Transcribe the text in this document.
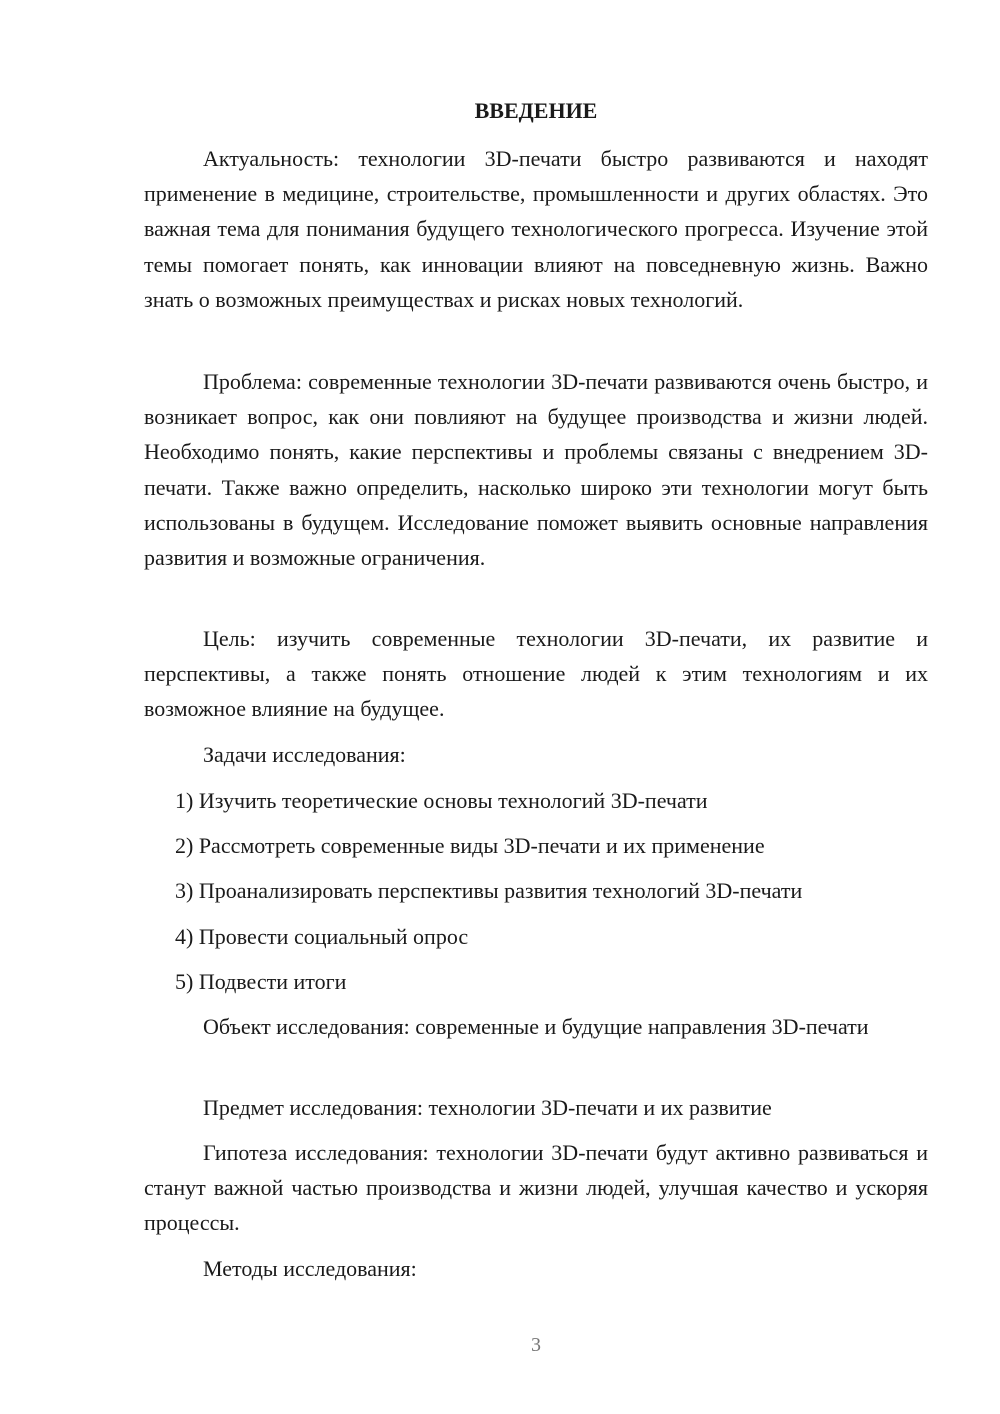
ВВЕДЕНИЕ

Актуальность: технологии 3D-печати быстро развиваются и находят применение в медицине, строительстве, промышленности и других областях. Это важная тема для понимания будущего технологического прогресса. Изучение этой темы помогает понять, как инновации влияют на повседневную жизнь. Важно знать о возможных преимуществах и рисках новых технологий.

Проблема: современные технологии 3D-печати развиваются очень быстро, и возникает вопрос, как они повлияют на будущее производства и жизни людей. Необходимо понять, какие перспективы и проблемы связаны с внедрением 3D-печати. Также важно определить, насколько широко эти технологии могут быть использованы в будущем. Исследование поможет выявить основные направления развития и возможные ограничения.

Цель: изучить современные технологии 3D-печати, их развитие и перспективы, а также понять отношение людей к этим технологиям и их возможное влияние на будущее.

Задачи исследования:

1) Изучить теоретические основы технологий 3D-печати

2) Рассмотреть современные виды 3D-печати и их применение

3) Проанализировать перспективы развития технологий 3D-печати

4) Провести социальный опрос

5) Подвести итоги

Объект исследования: современные и будущие направления 3D-печати

Предмет исследования: технологии 3D-печати и их развитие

Гипотеза исследования: технологии 3D-печати будут активно развиваться и станут важной частью производства и жизни людей, улучшая качество и ускоряя процессы.

Методы исследования:

3
